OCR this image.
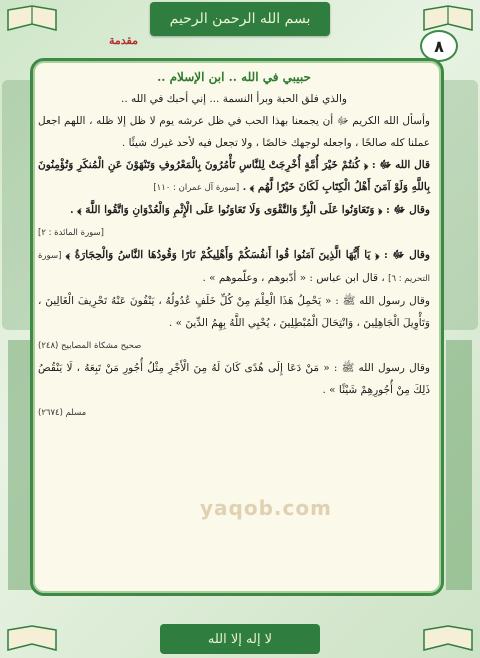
بسم الله الرحمن الرحيم
٨
مقدمة

حبيبي في الله .. ابن الإسلام ..

والذي فلق الحبة وبرأ النسمة ... إني أحبك في الله ..

وأسأل الله الكريم ﷻ أن يجمعنا بهذا الحب في ظل عرشه يوم لا ظل إلا ظله ، اللهم اجعل عملنا كله صالحًا ، واجعله لوجهك خالصًا ، ولا تجعل فيه لأحد غيرك شيئًا .

قال الله ﷻ : ﴿ كُنتُمْ خَيْرَ أُمَّةٍ أُخْرِجَتْ لِلنَّاسِ تَأْمُرُونَ بِالْمَعْرُوفِ وَتَنْهَوْنَ عَنِ الْمُنكَرِ وَتُؤْمِنُونَ بِاللَّهِ وَلَوْ آمَنَ أَهْلُ الْكِتَابِ لَكَانَ خَيْرًا لَّهُم ﴾ . [سورة آل عمران : ١١٠]

وقال ﷻ : ﴿ وَتَعَاوَنُوا عَلَى الْبِرِّ وَالتَّقْوَى وَلَا تَعَاوَنُوا عَلَى الْإِثْمِ وَالْعُدْوَانِ وَاتَّقُوا اللَّهَ ﴾ .

[سورة المائدة : ٢]

وقال ﷻ : ﴿ يَا أَيُّهَا الَّذِينَ آمَنُوا قُوا أَنفُسَكُمْ وَأَهْلِيكُمْ نَارًا وَقُودُهَا النَّاسُ وَالْحِجَارَةُ ﴾ [سورة التحريم : ٦] ، قال ابن عباس : « أدّبوهم ، وعلّموهم » .

وقال رسول الله ﷺ : « يَحْمِلُ هَذَا الْعِلْمَ مِنْ كُلِّ خَلَفٍ عُدُولُهُ ، يَنْفُونَ عَنْهُ تَحْرِيفَ الْغَالِينَ ، وَتَأْوِيلَ الْجَاهِلِينَ ، وَانْتِحَالَ الْمُبْطِلِينَ ، يُحْيِي اللَّهُ بِهِمُ الدِّينَ » .

صحيح مشكاة المصابيح (٢٤٨)

وقال رسول الله ﷺ : « مَنْ دَعَا إِلَى هُدًى كَانَ لَهُ مِنَ الْأَجْرِ مِثْلُ أُجُورِ مَنْ تَبِعَهُ ، لَا يَنْقُصُ ذَلِكَ مِنْ أُجُورِهِمْ شَيْئًا » .

مسلم (٢٦٧٤)

yaqob.com
لا إله إلا الله
